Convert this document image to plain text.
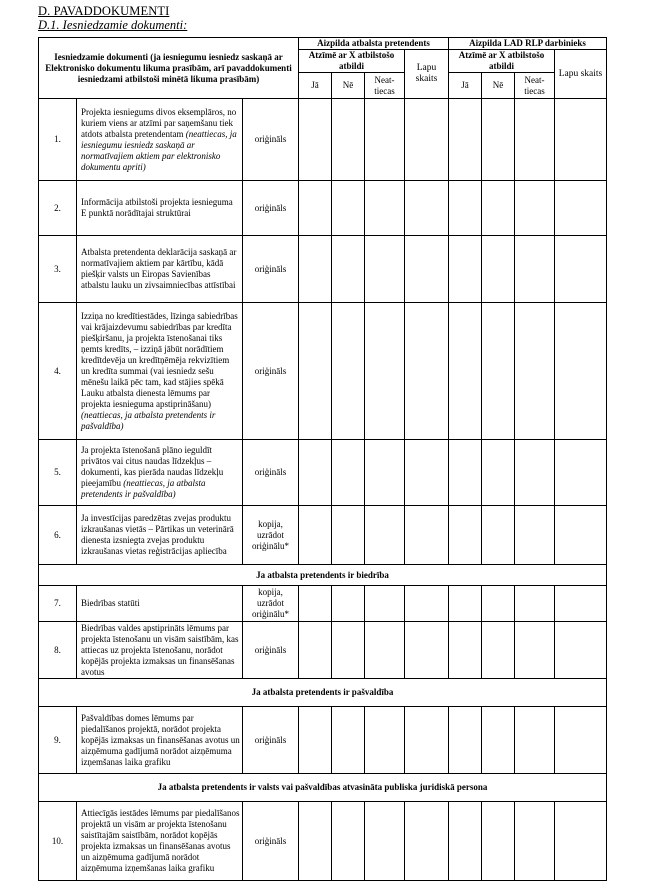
D. PAVADDOKUMENTI
D.1. Iesniedzamie dokumenti:
Iesniedzamie dokumenti (ja iesniegumu iesniedz saskaņā ar Elektronisko dokumentu likuma prasībām, arī pavaddokumenti iesniedzami atbilstoši minētā likuma prasībām)			Aizpilda atbalsta pretendents				Aizpilda LAD RLP darbinieks			
			Atzīmē ar X atbilstošo atbildi			Lapu skaits	Atzīmē ar X atbilstošo atbildi			Lapu skaits
			Jā	Nē	Neat-tiecas		Jā	Nē	Neat-tiecas	
1.	Projekta iesniegums divos eksemplāros, no kuriem viens ar atzīmi par saņemšanu tiek atdots atbalsta pretendentam (neattiecas, ja iesniegumu iesniedz saskaņā ar normatīvajiem aktiem par elektronisko dokumentu apriti)	oriģināls								
2.	Informācija atbilstoši projekta iesnieguma E punktā norādītajai struktūrai	oriģināls								
3.	Atbalsta pretendenta deklarācija saskaņā ar normatīvajiem aktiem par kārtību, kādā piešķir valsts un Eiropas Savienības atbalstu lauku un zivsaimniecības attīstībai	oriģināls								
4.	Izziņa no kredītiestādes, līzinga sabiedrības vai krājaizdevumu sabiedrības par kredīta piešķiršanu, ja projekta īstenošanai tiks ņemts kredīts, – izziņā jābūt norādītiem kredītdevēja un kredītņēmēja rekvizītiem un kredīta summai (vai iesniedz sešu mēnešu laikā pēc tam, kad stājies spēkā Lauku atbalsta dienesta lēmums par projekta iesnieguma apstiprināšanu) (neattiecas, ja atbalsta pretendents ir pašvaldība)	oriģināls								
5.	Ja projekta īstenošanā plāno ieguldīt privātos vai citus naudas līdzekļus – dokumenti, kas pierāda naudas līdzekļu pieejamību (neattiecas, ja atbalsta pretendents ir pašvaldība)	oriģināls								
6.	Ja investīcijas paredzētas zvejas produktu izkraušanas vietās – Pārtikas un veterinārā dienesta izsniegta zvejas produktu izkraušanas vietas reģistrācijas apliecība	kopija, uzrādot oriģinālu*								
Ja atbalsta pretendents ir biedrība										
7.	Biedrības statūti	kopija, uzrādot oriģinālu*								
8.	Biedrības valdes apstiprināts lēmums par projekta īstenošanu un visām saistībām, kas attiecas uz projekta īstenošanu, norādot kopējās projekta izmaksas un finansēšanas avotus	oriģināls								
Ja atbalsta pretendents ir pašvaldība										
9.	Pašvaldības domes lēmums par piedalīšanos projektā, norādot projekta kopējās izmaksas un finansēšanas avotus un aizņēmuma gadījumā norādot aizņēmuma izņemšanas laika grafiku	oriģināls								
Ja atbalsta pretendents ir valsts vai pašvaldības atvasināta publiska juridiskā persona										
10.	Attiecīgās iestādes lēmums par piedalīšanos projektā un visām ar projekta īstenošanu saistītajām saistībām, norādot kopējās projekta izmaksas un finansēšanas avotus un aizņēmuma gadījumā norādot aizņēmuma izņemšanas laika grafiku	oriģināls								
